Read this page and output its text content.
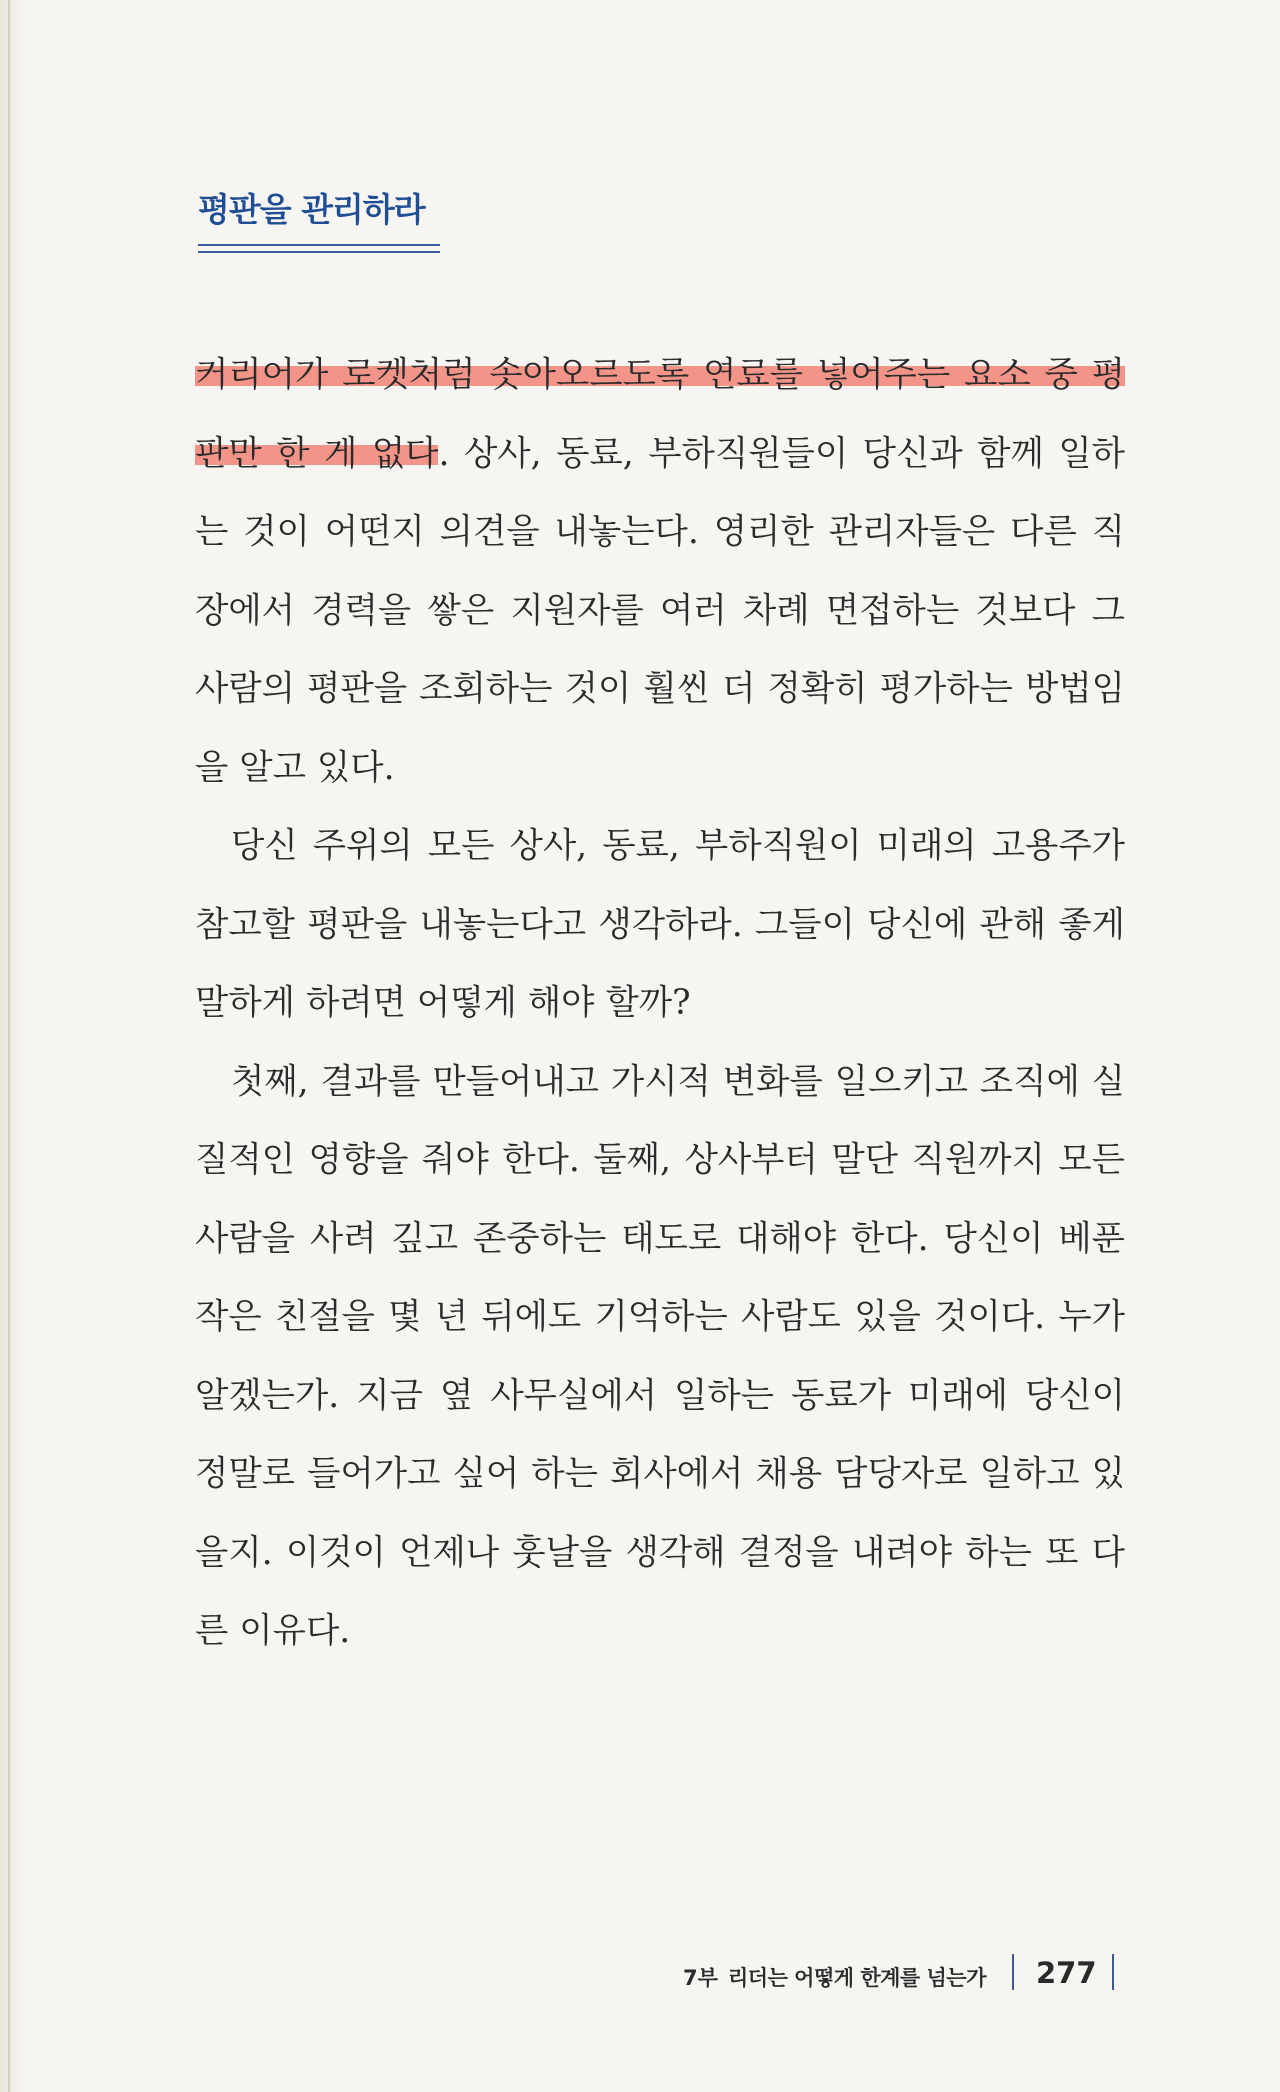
평판을 관리하라

커리어가 로켓처럼 솟아오르도록 연료를 넣어주는 요소 중 평판만 한 게 없다. 상사, 동료, 부하직원들이 당신과 함께 일하는 것이 어떤지 의견을 내놓는다. 영리한 관리자들은 다른 직장에서 경력을 쌓은 지원자를 여러 차례 면접하는 것보다 그 사람의 평판을 조회하는 것이 훨씬 더 정확히 평가하는 방법임을 알고 있다.

당신 주위의 모든 상사, 동료, 부하직원이 미래의 고용주가 참고할 평판을 내놓는다고 생각하라. 그들이 당신에 관해 좋게 말하게 하려면 어떻게 해야 할까?

첫째, 결과를 만들어내고 가시적 변화를 일으키고 조직에 실질적인 영향을 줘야 한다. 둘째, 상사부터 말단 직원까지 모든 사람을 사려 깊고 존중하는 태도로 대해야 한다. 당신이 베푼 작은 친절을 몇 년 뒤에도 기억하는 사람도 있을 것이다. 누가 알겠는가. 지금 옆 사무실에서 일하는 동료가 미래에 당신이 정말로 들어가고 싶어 하는 회사에서 채용 담당자로 일하고 있을지. 이것이 언제나 훗날을 생각해 결정을 내려야 하는 또 다른 이유다.

7부 리더는 어떻게 한계를 넘는가 277
